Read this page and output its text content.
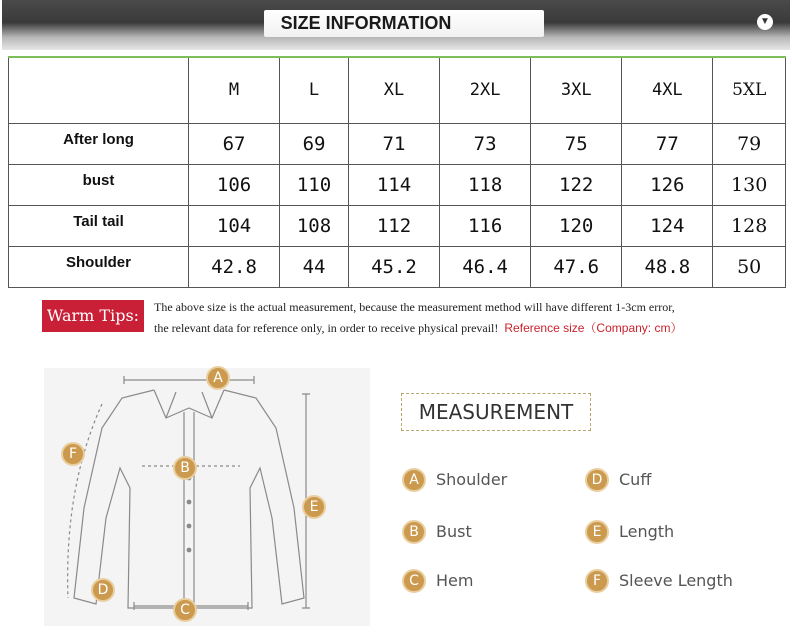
SIZE INFORMATION	▼
	M	L	XL	2XL	3XL	4XL	5XL
After long	67	69	71	73	75	77	79
bust	106	110	114	118	122	126	130
Tail tail	104	108	112	116	120	124	128
Shoulder	42.8	44	45.2	46.4	47.6	48.8	50
Warm Tips:	The above size is the actual measurement, because the measurement method will have different 1-3cm error,
the relevant data for reference only, in order to receive physical prevail! Reference size（Company: cm）
A
B
C
D
E
F
MEASUREMENT
A	Shoulder
B	Bust
C	Hem
D	Cuff
E	Length
F	Sleeve Length
